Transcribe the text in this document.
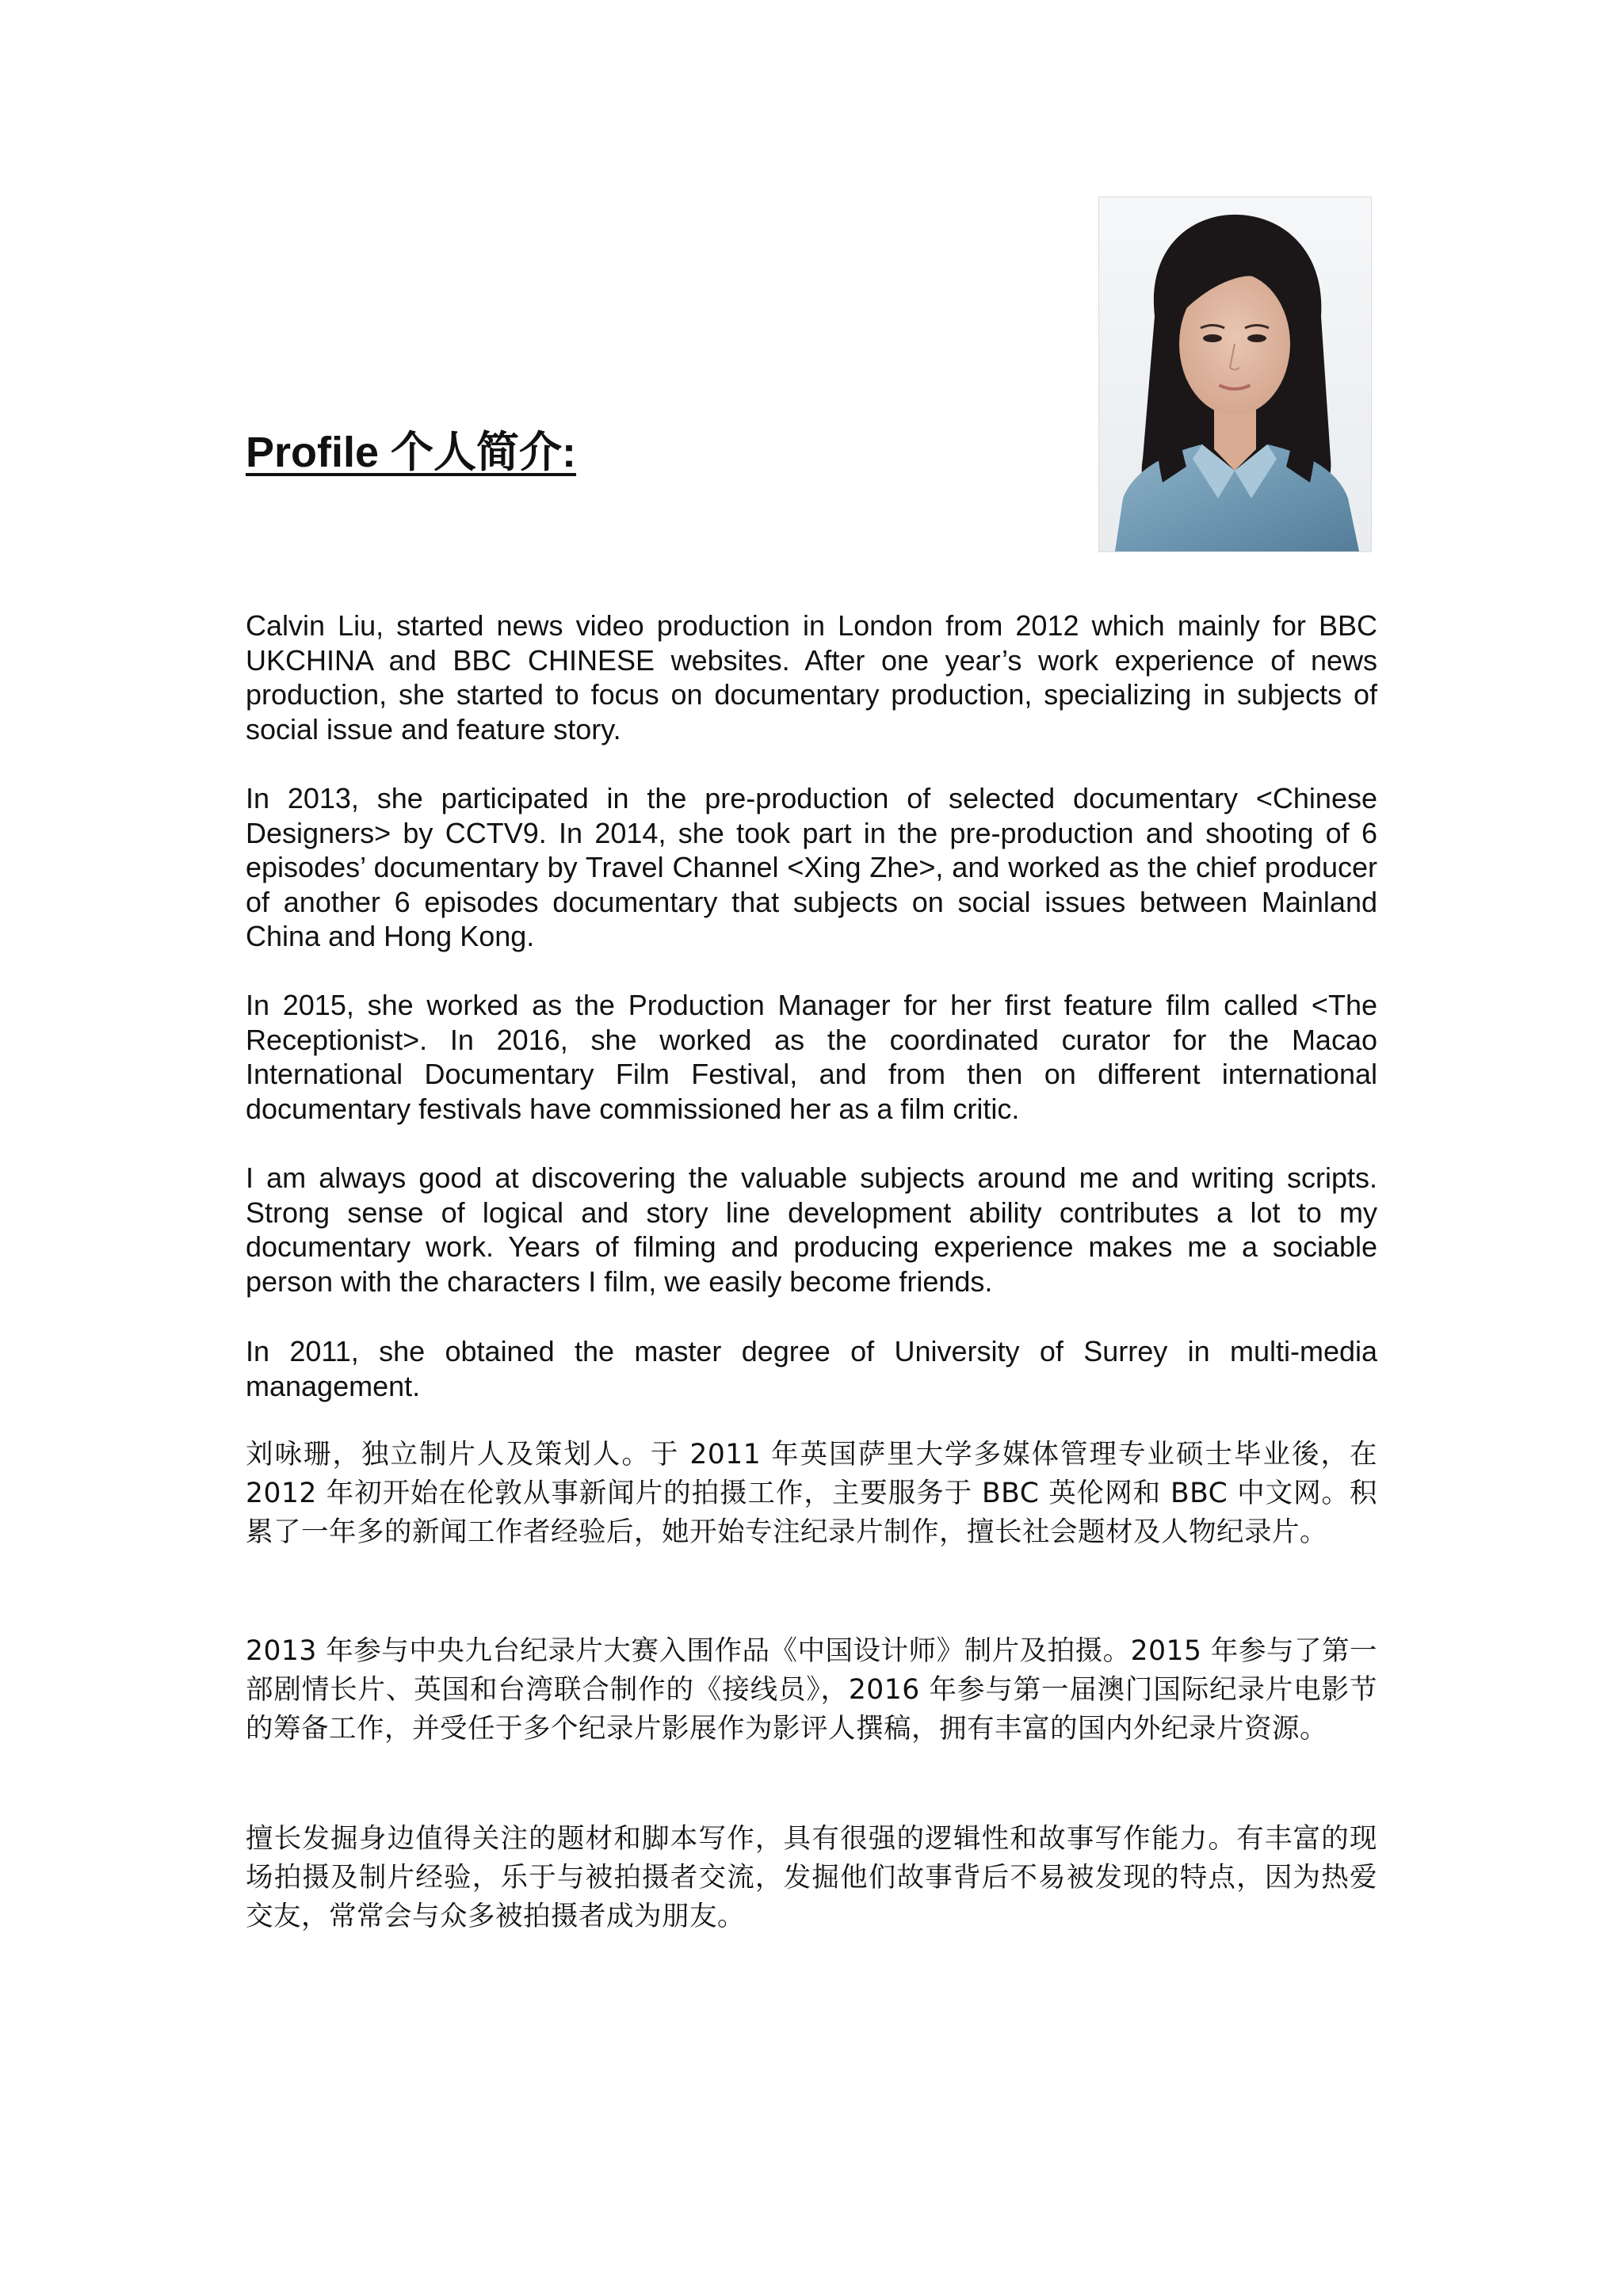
Profile 个人简介:

Calvin Liu, started news video production in London from 2012 which mainly for BBC UKCHINA and BBC CHINESE websites. After one year’s work experience of news production, she started to focus on documentary production, specializing in subjects of social issue and feature story.

In 2013, she participated in the pre-production of selected documentary <Chinese Designers> by CCTV9. In 2014, she took part in the pre-production and shooting of 6 episodes’ documentary by Travel Channel <Xing Zhe>, and worked as the chief producer of another 6 episodes documentary that subjects on social issues between Mainland China and Hong Kong.

In 2015, she worked as the Production Manager for her first feature film called <The Receptionist>. In 2016, she worked as the coordinated curator for the Macao International Documentary Film Festival, and from then on different international documentary festivals have commissioned her as a film critic.

I am always good at discovering the valuable subjects around me and writing scripts. Strong sense of logical and story line development ability contributes a lot to my documentary work. Years of filming and producing experience makes me a sociable person with the characters I film, we easily become friends.

In 2011, she obtained the master degree of University of Surrey in multi-media management.

刘咏珊，独立制片人及策划人。于 2011 年英国萨里大学多媒体管理专业硕士毕业後，在 2012 年初开始在伦敦从事新闻片的拍摄工作，主要服务于 BBC 英伦网和 BBC 中文网。积累了一年多的新闻工作者经验后，她开始专注纪录片制作，擅长社会题材及人物纪录片。

2013 年参与中央九台纪录片大赛入围作品《中国设计师》制片及拍摄。2015 年参与了第一部剧情长片、英国和台湾联合制作的《接线员》，2016 年参与第一届澳门国际纪录片电影节的筹备工作，并受任于多个纪录片影展作为影评人撰稿，拥有丰富的国内外纪录片资源。

擅长发掘身边值得关注的题材和脚本写作，具有很强的逻辑性和故事写作能力。有丰富的现场拍摄及制片经验，乐于与被拍摄者交流，发掘他们故事背后不易被发现的特点，因为热爱交友，常常会与众多被拍摄者成为朋友。
